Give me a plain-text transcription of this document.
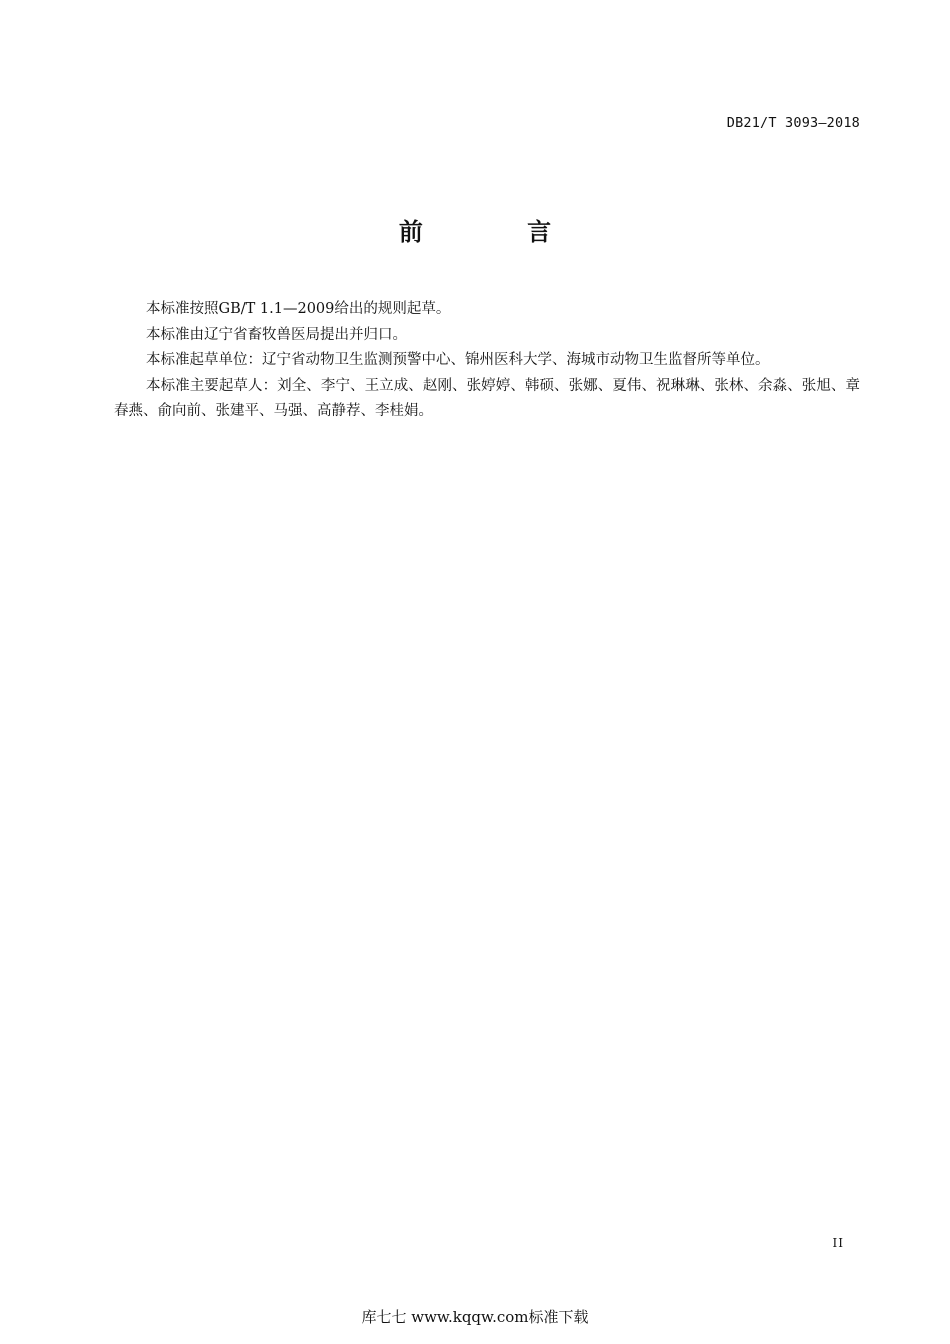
DB21/T 3093—2018
前 言

本标准按照GB/T 1.1—2009给出的规则起草。

本标准由辽宁省畜牧兽医局提出并归口。

本标准起草单位：辽宁省动物卫生监测预警中心、锦州医科大学、海城市动物卫生监督所等单位。

本标准主要起草人：刘全、李宁、王立成、赵刚、张婷婷、韩硕、张娜、夏伟、祝琳琳、张林、余淼、张旭、章春燕、俞向前、张建平、马强、高静荐、李桂娟。

II
库七七 www.kqqw.com标准下载
